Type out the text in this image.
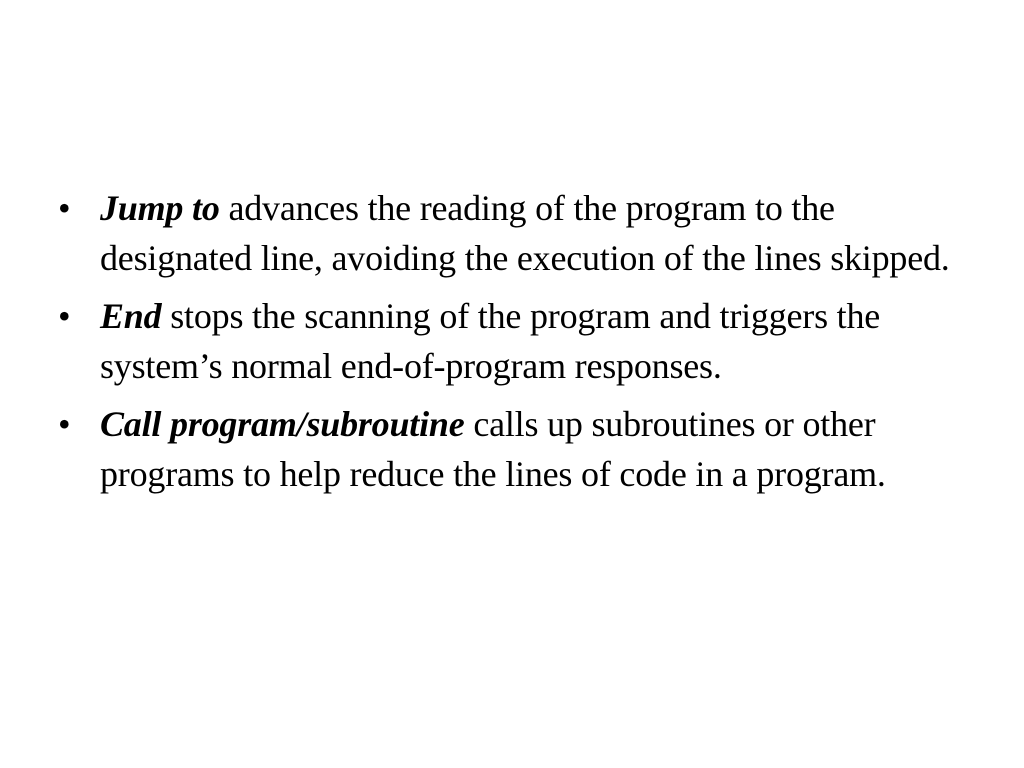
• Jump to advances the reading of the program to the designated line, avoiding the execution of the lines skipped.
• End stops the scanning of the program and triggers the system’s normal end-of-program responses.
• Call program/subroutine calls up subroutines or other programs to help reduce the lines of code in a program.
